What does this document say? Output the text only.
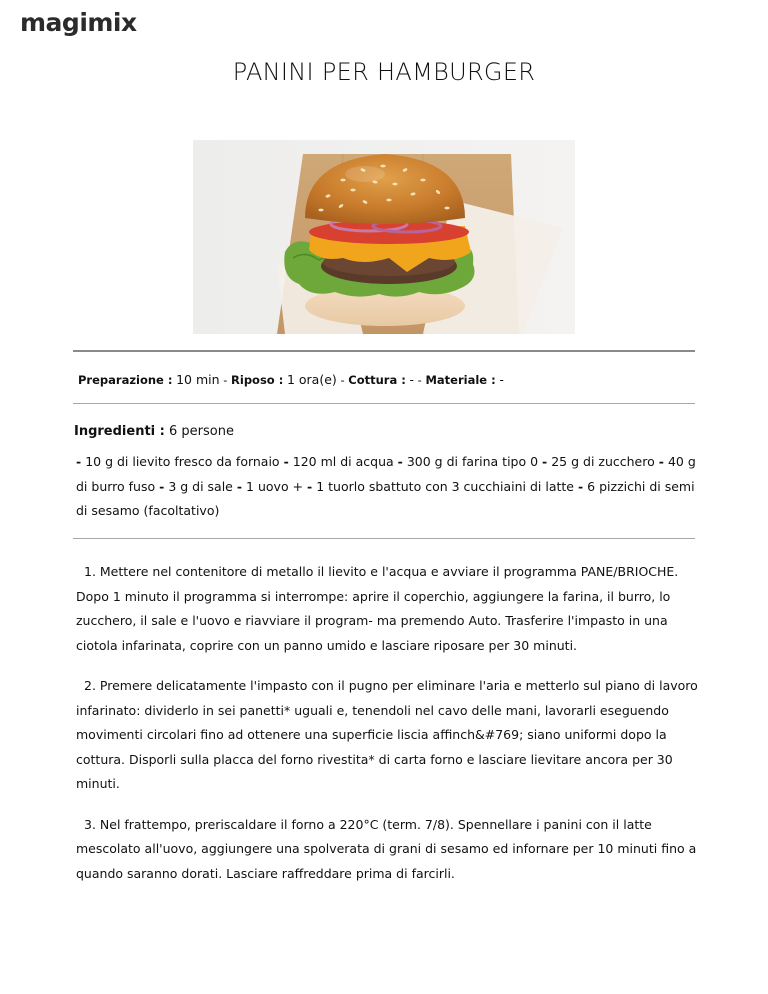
magimix
PANINI PER HAMBURGER
Preparazione : 10 min - Riposo : 1 ora(e) - Cottura : - - Materiale : -
Ingredienti : 6 persone
- 10 g di lievito fresco da fornaio - 120 ml di acqua - 300 g di farina tipo 0 - 25 g di zucchero - 40 g di burro fuso - 3 g di sale - 1 uovo + - 1 tuorlo sbattuto con 3 cucchiaini di latte - 6 pizzichi di semi di sesamo (facoltativo)

1. Mettere nel contenitore di metallo il lievito e l'acqua e avviare il programma PANE/BRIOCHE. Dopo 1 minuto il programma si interrompe: aprire il coperchio, aggiungere la farina, il burro, lo zucchero, il sale e l'uovo e riavviare il program- ma premendo Auto. Trasferire l'impasto in una ciotola infarinata, coprire con un panno umido e lasciare riposare per 30 minuti.

2. Premere delicatamente l'impasto con il pugno per eliminare l'aria e metterlo sul piano di lavoro infarinato: dividerlo in sei panetti* uguali e, tenendoli nel cavo delle mani, lavorarli eseguendo movimenti circolari fino ad ottenere una superficie liscia affinch&#769; siano uniformi dopo la cottura. Disporli sulla placca del forno rivestita* di carta forno e lasciare lievitare ancora per 30 minuti.

3. Nel frattempo, preriscaldare il forno a 220°C (term. 7/8). Spennellare i panini con il latte mescolato all'uovo, aggiungere una spolverata di grani di sesamo ed infornare per 10 minuti fino a quando saranno dorati. Lasciare raffreddare prima di farcirli.
